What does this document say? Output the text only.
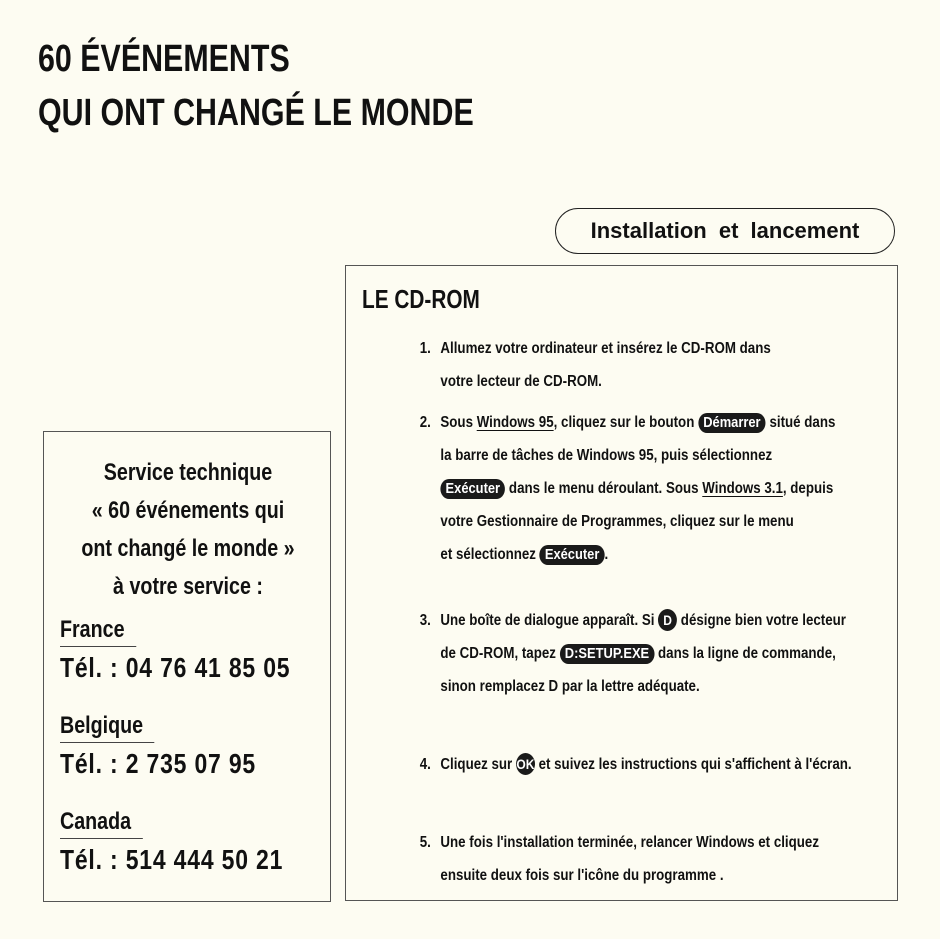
60 ÉVÉNEMENTS
QUI ONT CHANGÉ LE MONDE
Installation et lancement
LE CD-ROM
1. Allumez votre ordinateur et insérez le CD-ROM dans votre lecteur de CD-ROM.
2. Sous Windows 95, cliquez sur le bouton Démarrer situé dans la barre de tâches de Windows 95, puis sélectionnez Exécuter dans le menu déroulant. Sous Windows 3.1, depuis votre Gestionnaire de Programmes, cliquez sur le menu
et sélectionnez Exécuter .
3. Une boîte de dialogue apparaît. Si D désigne bien votre lecteur de CD-ROM, tapez D:SETUP.EXE dans la ligne de commande, sinon remplacez D par la lettre adéquate.
4. Cliquez sur OK et suivez les instructions qui s'affichent à l'écran.
5. Une fois l'installation terminée, relancer Windows et cliquez ensuite deux fois sur l'icône du programme .
Service technique
« 60 événements qui
ont changé le monde »
à votre service :
France
Tél. : 04 76 41 85 05
Belgique
Tél. : 2 735 07 95
Canada
Tél. : 514 444 50 21
